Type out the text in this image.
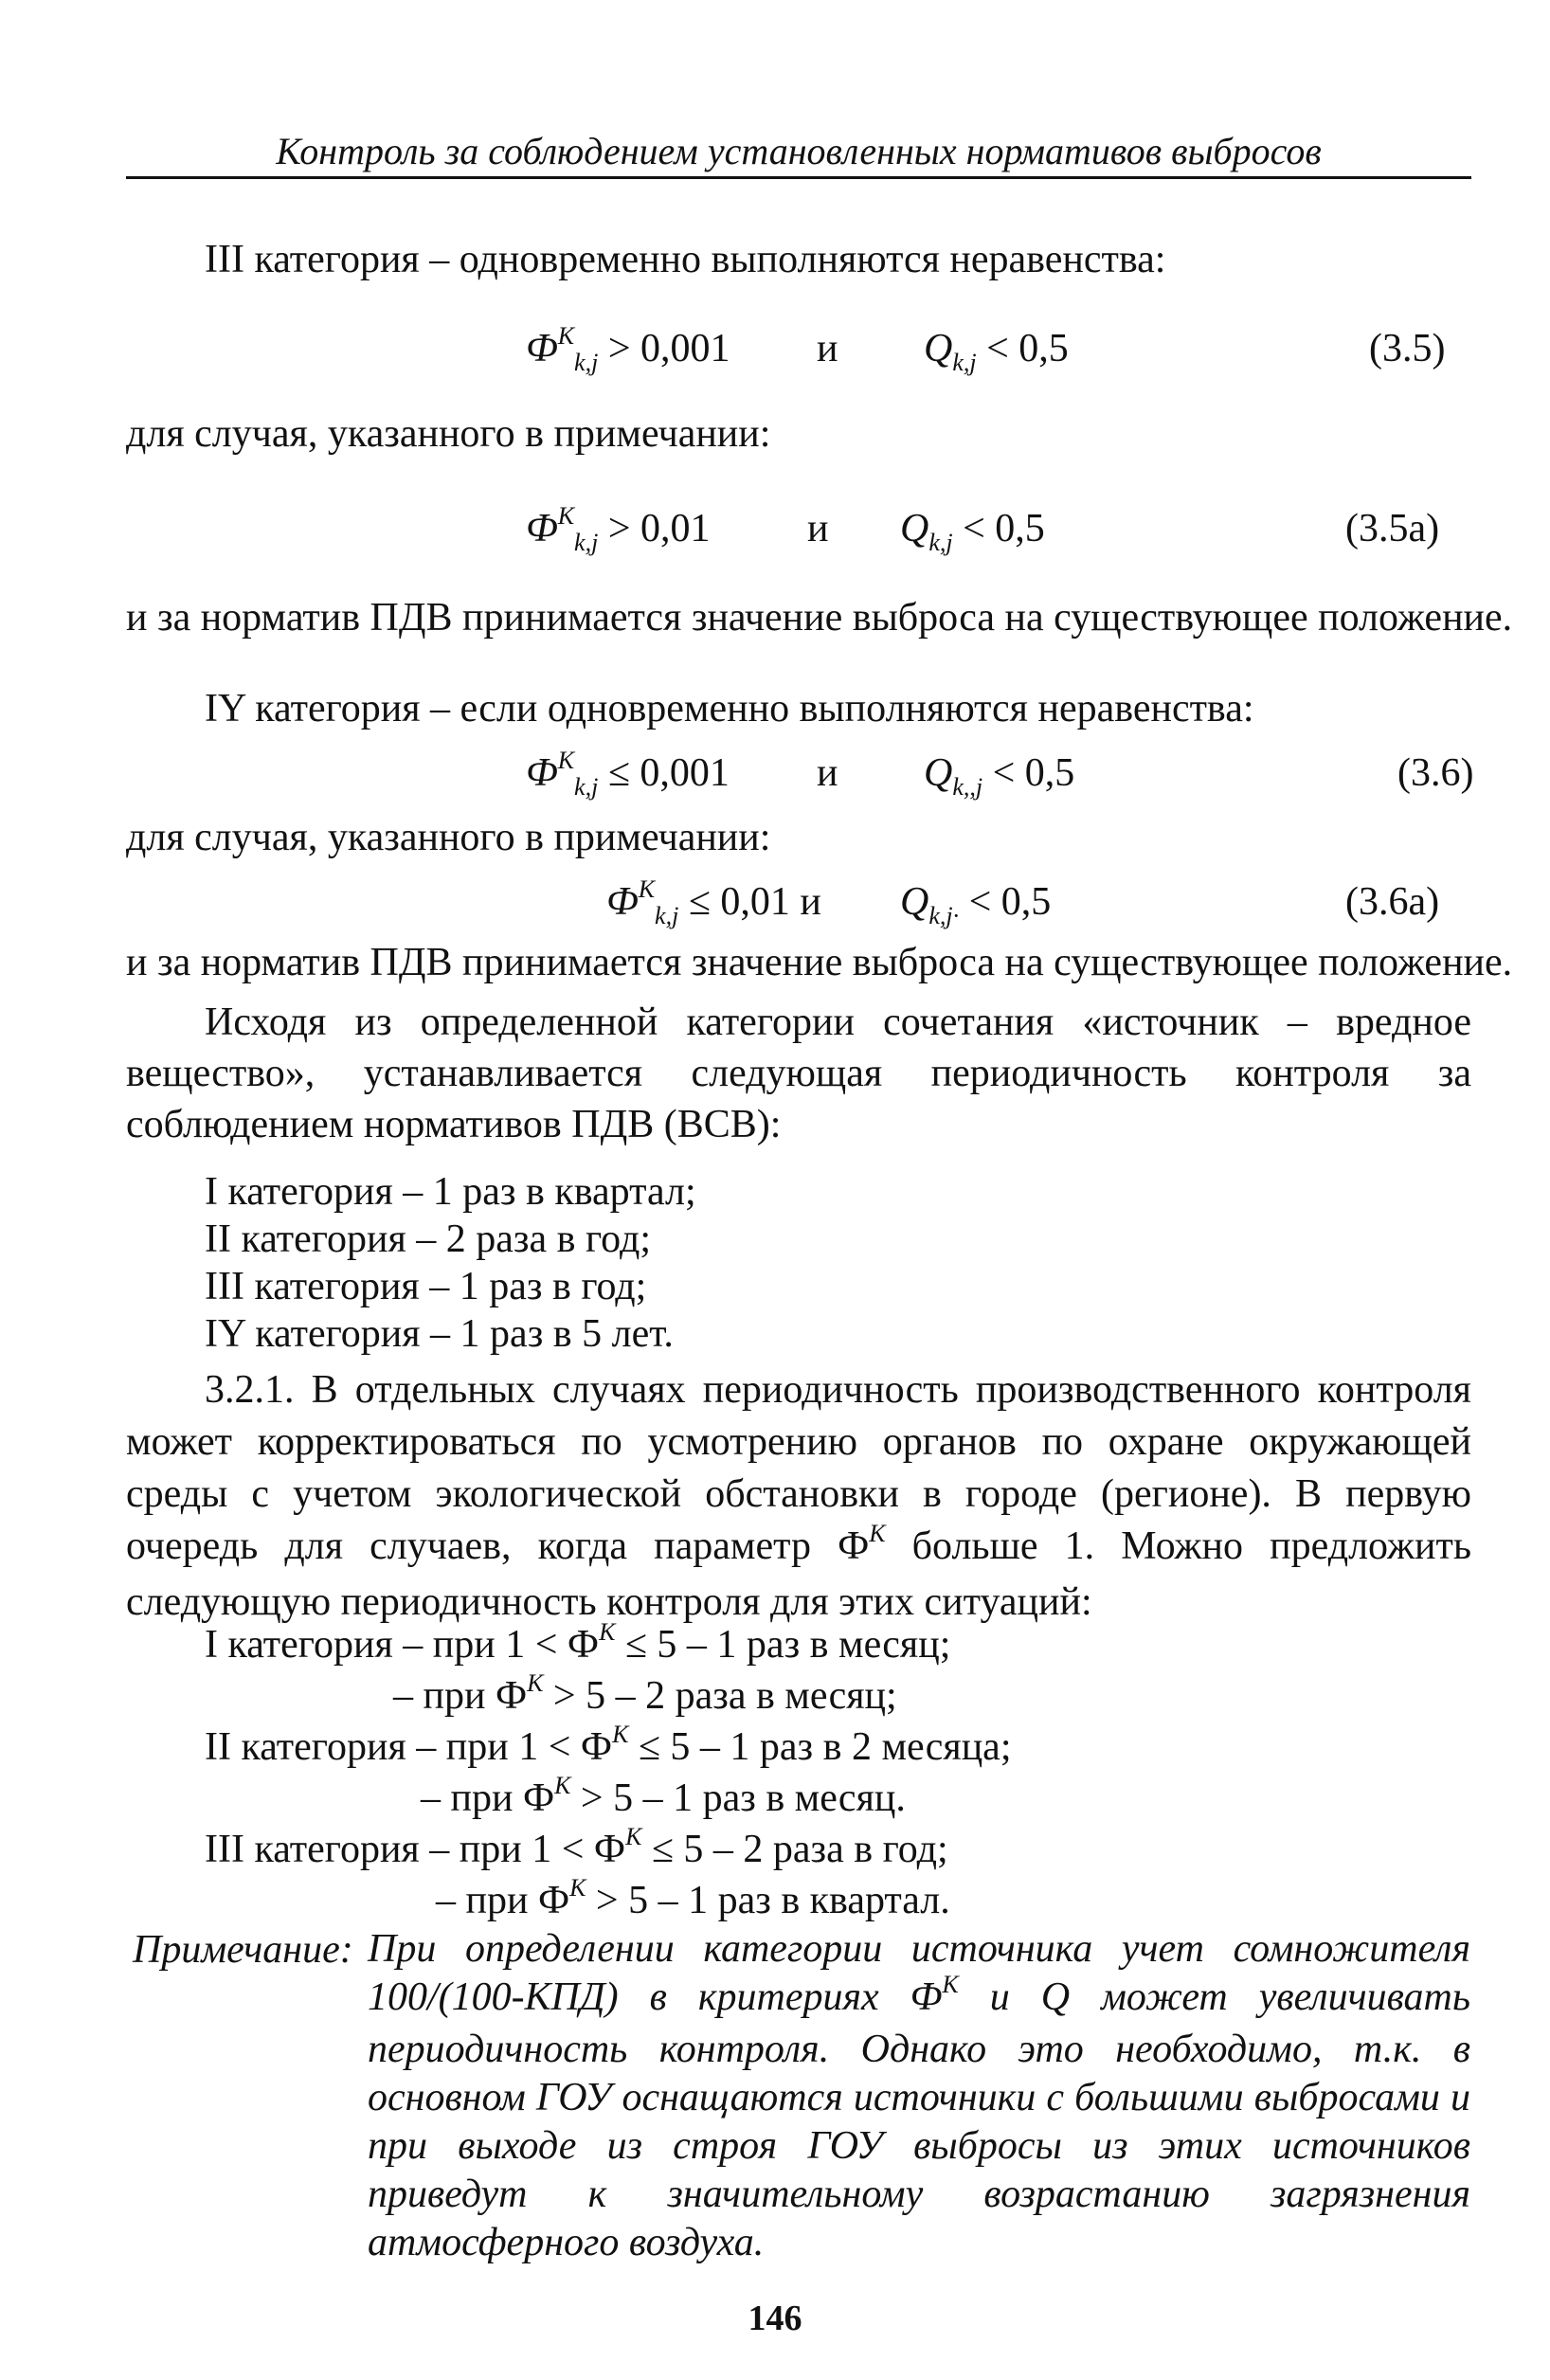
Контроль за соблюдением установленных нормативов выбросов
III категория – одновременно выполняются неравенства:
$Ф^К_{k,j} > 0,001$ и $Q_{k,j} < 0,5$	(3.5)
для случая, указанного в примечании:
$Ф^К_{k,j} > 0,01$ и $Q_{k,j} < 0,5$	(3.5а)
и за норматив ПДВ принимается значение выброса на существующее положение.
IY категория – если одновременно выполняются неравенства:
$Ф^К_{k,j} \le 0,001$ и $Q_{k,,j} < 0,5$	(3.6)
для случая, указанного в примечании:
$Ф^К_{k,j} \le 0,01$ и $Q_{k,j\cdot} < 0,5$	(3.6а)
и за норматив ПДВ принимается значение выброса на существующее положение.
Исходя из определенной категории сочетания «источник – вредное вещество», устанавливается следующая периодичность контроля за соблюдением нормативов ПДВ (ВСВ):
I категория – 1 раз в квартал;
II категория – 2 раза в год;
III категория – 1 раз в год;
IY категория – 1 раз в 5 лет.
3.2.1. В отдельных случаях периодичность производственного контроля может корректироваться по усмотрению органов по охране окружающей среды с учетом экологической обстановки в городе (регионе). В первую очередь для случаев, когда параметр $Ф^К$ больше 1. Можно предложить следующую периодичность контроля для этих ситуаций:
I категория – при $1 < Ф^К \le 5 - 1$ раз в месяц;
– при $Ф^К > 5 - 2$ раза в месяц;
II категория – при $1 < Ф^К \le 5 - 1$ раз в 2 месяца;
– при $Ф^К > 5 - 1$ раз в месяц.
III категория – при $1 < Ф^К \le 5 - 2$ раза в год;
– при $Ф^К > 5 - 1$ раз в квартал.
Примечание: При определении категории источника учет сомножителя 100/(100-КПД) в критериях $Ф^К$ и Q может увеличивать периодичность контроля. Однако это необходимо, т.к. в основном ГОУ оснащаются источники с большими выбросами и при выходе из строя ГОУ выбросы из этих источников приведут к значительному возрастанию загрязнения атмосферного воздуха.
146
